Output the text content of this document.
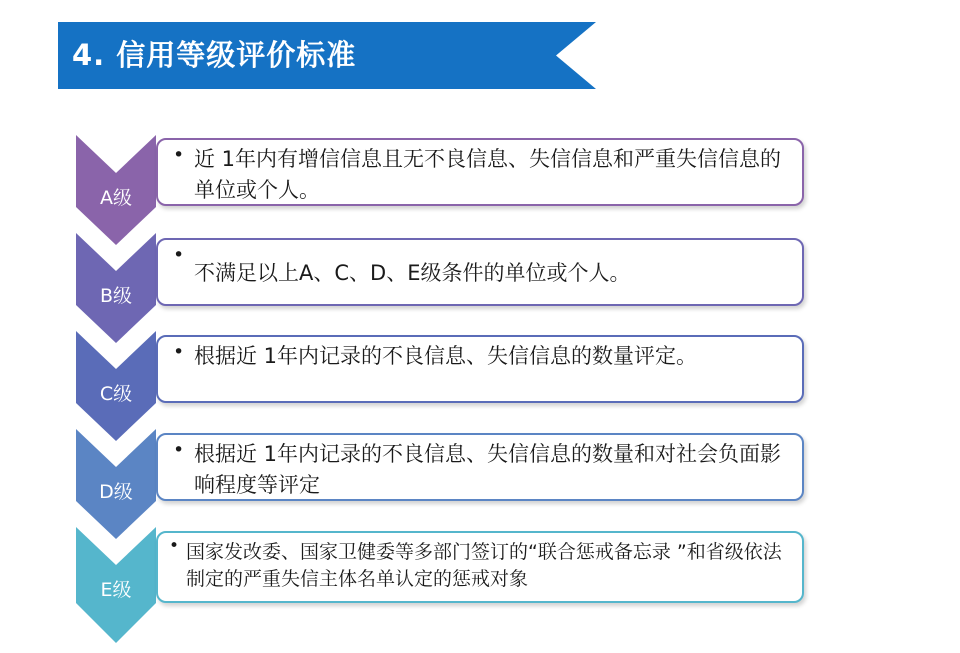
4. 信用等级评价标准
A级
• 近 1年内有增信信息且无不良信息、失信信息和严重失信信息的单位或个人。
B级
•
不满足以上A、C、D、E级条件的单位或个人。
C级
• 根据近 1年内记录的不良信息、失信信息的数量评定。
D级
• 根据近 1年内记录的不良信息、失信信息的数量和对社会负面影响程度等评定
E级
• 国家发改委、国家卫健委等多部门签订的“联合惩戒备忘录 ”和省级依法制定的严重失信主体名单认定的惩戒对象
